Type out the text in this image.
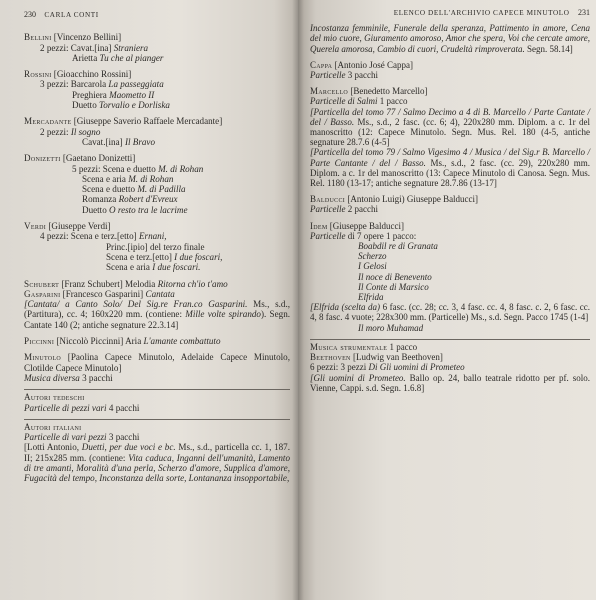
230 CARLA CONTI
Bellini [Vincenzo Bellini]
2 pezzi: Cavat.[ina] Straniera
Arietta Tu che al pianger
Rossini [Gioacchino Rossini]
3 pezzi: Barcarola La passeggiata
Preghiera Maometto II
Duetto Torvalio e Dorliska
Mercadante [Giuseppe Saverio Raffaele Mercadante]
2 pezzi: Il sogno
Cavat.[ina] Il Bravo
Donizetti [Gaetano Donizetti]
5 pezzi: Scena e duetto M. di Rohan
Scena e aria M. di Rohan
Scena e duetto M. di Padilla
Romanza Robert d'Evreux
Duetto O resto tra le lacrime
Verdi [Giuseppe Verdi]
4 pezzi: Scena e terz.[etto] Ernani,
Princ.[ipio] del terzo finale
Scena e terz.[etto] I due foscari,
Scena e aria I due foscari.
Schubert [Franz Schubert] Melodia Ritorna ch'io t'amo
Gasparini [Francesco Gasparini] Cantata
[Cantata/ a Canto Solo/ Del Sig.re Fran.co Gasparini. Ms., s.d., (Partitura), cc. 4; 160x220 mm. (contiene: Mille volte spirando). Segn. Cantate 140 (2; antiche segnature 22.3.14]
Piccinni [Niccolò Piccinni] Aria L'amante combattuto
Minutolo [Paolina Capece Minutolo, Adelaide Capece Minutolo, Clotilde Capece Minutolo]
Musica diversa 3 pacchi
Autori tedeschi
Particelle di pezzi vari 4 pacchi
Autori italiani
Particelle di vari pezzi 3 pacchi
[Lotti Antonio, Duetti, per due voci e bc. Ms., s.d., particella cc. 1, 187. II; 215x285 mm. (contiene: Vita caduca, Inganni dell'umanità, Lamento di tre amanti, Moralità d'una perla, Scherzo d'amore, Supplica d'amore, Fugacità del tempo, Inconstanza della sorte, Lontananza insopportabile,
ELENCO DELL'ARCHIVIO CAPECE MINUTOLO 231
Incostanza femminile, Funerale della speranza, Pattimento in amore, Cena del mio cuore, Giuramento amoroso, Amor che spera, Voi che cercate amore, Querela amorosa, Cambio di cuori, Crudeltà rimproverata. Segn. 58.14]
Cappa [Antonio José Cappa]
Particelle 3 pacchi
Marcello [Benedetto Marcello]
Particelle di Salmi 1 pacco
[Particella del tomo 77 / Salmo Decimo a 4 di B. Marcello / Parte Cantate / del / Basso. Ms., s.d., 2 fasc. (cc. 6; 4), 220x280 mm. Diplom. a c. 1r del manoscritto (12: Capece Minutolo. Segn. Mus. Rel. 180 (4-5, antiche segnature 28.7.6 (4-5]
[Particella del tomo 79 / Salmo Vigesimo 4 / Musica / del Sig.r B. Marcello / Parte Cantante / del / Basso. Ms., s.d., 2 fasc. (cc. 29), 220x280 mm. Diplom. a c. 1r del manoscritto (13: Capece Minutolo di Canosa. Segn. Mus. Rel. 1180 (13-17; antiche segnature 28.7.86 (13-17]
Balducci [Antonio Luigi) Giuseppe Balducci]
Particelle 2 pacchi
Idem [Giuseppe Balducci]
Particelle di 7 opere 1 pacco:
Boabdil re di Granata
Scherzo
I Gelosi
Il noce di Benevento
Il Conte di Marsico
Elfrida
[Elfrida (scelta da) 6 fasc. (cc. 28; cc. 3, 4 fasc. cc. 4, 8 fasc. c. 2, 6 fasc. cc. 4, 8 fasc. 4 vuote; 228x300 mm. (Particelle) Ms., s.d. Segn. Pacco 1745 (1-4]
Il moro Muhamad
Musica strumentale 1 pacco
Beethoven [Ludwig van Beethoven]
6 pezzi: 3 pezzi Di Gli uomini di Prometeo
[Gli uomini di Prometeo. Ballo op. 24, ballo teatrale ridotto per pf. solo. Vienne, Cappi. s.d. Segn. 1.6.8]
